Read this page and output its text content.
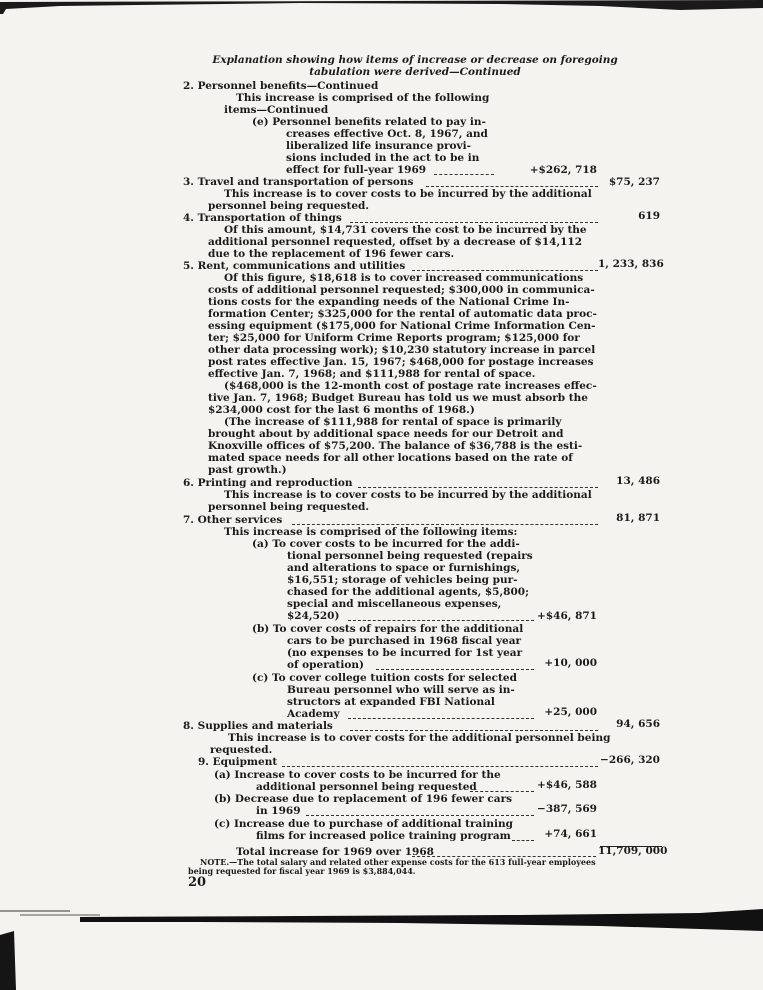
Explanation showing how items of increase or decrease on foregoing
tabulation were derived—Continued
2. Personnel benefits—Continued
This increase is comprised of the following
items—Continued
(e) Personnel benefits related to pay in-
creases effective Oct. 8, 1967, and
liberalized life insurance provi-
sions included in the act to be in
effect for full-year 1969	+$262, 718
3. Travel and transportation of persons	$75, 237
This increase is to cover costs to be incurred by the additional
personnel being requested.
4. Transportation of things	619
Of this amount, $14,731 covers the cost to be incurred by the
additional personnel requested, offset by a decrease of $14,112
due to the replacement of 196 fewer cars.
5. Rent, communications and utilities	1, 233, 836
Of this figure, $18,618 is to cover increased communications
costs of additional personnel requested; $300,000 in communica-
tions costs for the expanding needs of the National Crime In-
formation Center; $325,000 for the rental of automatic data proc-
essing equipment ($175,000 for National Crime Information Cen-
ter; $25,000 for Uniform Crime Reports program; $125,000 for
other data processing work); $10,230 statutory increase in parcel
post rates effective Jan. 15, 1967; $468,000 for postage increases
effective Jan. 7, 1968; and $111,988 for rental of space.
($468,000 is the 12-month cost of postage rate increases effec-
tive Jan. 7, 1968; Budget Bureau has told us we must absorb the
$234,000 cost for the last 6 months of 1968.)
(The increase of $111,988 for rental of space is primarily
brought about by additional space needs for our Detroit and
Knoxville offices of $75,200. The balance of $36,788 is the esti-
mated space needs for all other locations based on the rate of
past growth.)
6. Printing and reproduction	13, 486
This increase is to cover costs to be incurred by the additional
personnel being requested.
7. Other services	81, 871
This increase is comprised of the following items:
(a) To cover costs to be incurred for the addi-
tional personnel being requested (repairs
and alterations to space or furnishings,
$16,551; storage of vehicles being pur-
chased for the additional agents, $5,800;
special and miscellaneous expenses,
$24,520)	+$46, 871
(b) To cover costs of repairs for the additional
cars to be purchased in 1968 fiscal year
(no expenses to be incurred for 1st year
of operation)	+10, 000
(c) To cover college tuition costs for selected
Bureau personnel who will serve as in-
structors at expanded FBI National
Academy	+25, 000
8. Supplies and materials	94, 656
This increase is to cover costs for the additional personnel being
requested.
9. Equipment	−266, 320
(a) Increase to cover costs to be incurred for the
additional personnel being requested	+$46, 588
(b) Decrease due to replacement of 196 fewer cars
in 1969	−387, 569
(c) Increase due to purchase of additional training
films for increased police training program	+74, 661
Total increase for 1969 over 1968	11,709, 000
NOTE.—The total salary and related other expense costs for the 613 full-year employees
being requested for fiscal year 1969 is $3,884,044.
20
